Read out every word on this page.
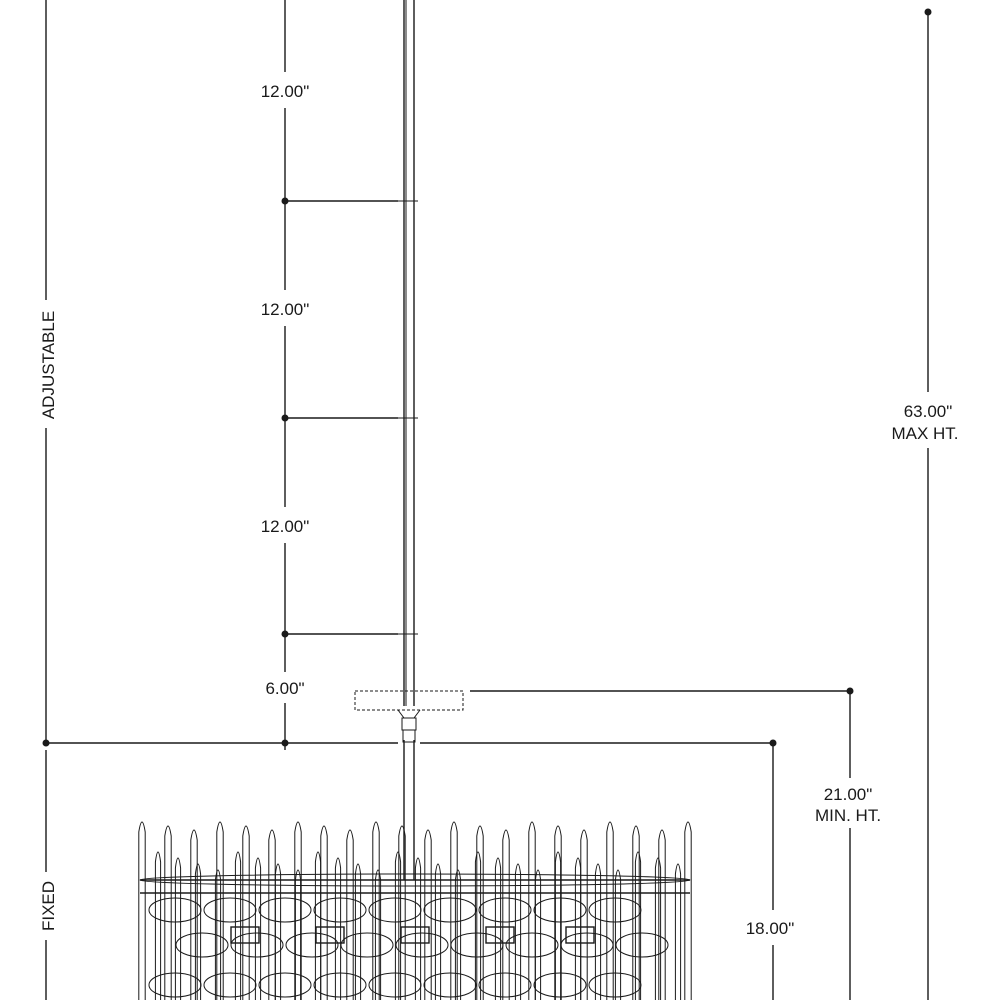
ADJUSTABLE
FIXED
12.00"
12.00"
12.00"
6.00"
21.00"
MIN. HT.
18.00"
63.00"
MAX HT.
